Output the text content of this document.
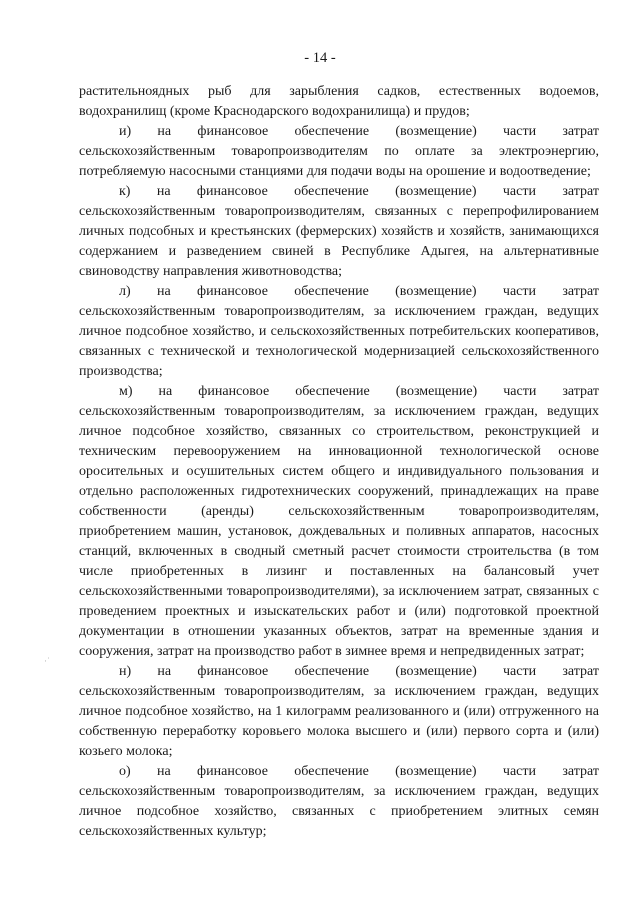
- 14 -
·˙

растительноядных рыб для зарыбления садков, естественных водоемов, водохранилищ (кроме Краснодарского водохранилища) и прудов;

и) на финансовое обеспечение (возмещение) части затрат сельскохозяйственным товаропроизводителям по оплате за электроэнергию, потребляемую насосными станциями для подачи воды на орошение и водоотведение;

к) на финансовое обеспечение (возмещение) части затрат сельскохозяйственным товаропроизводителям, связанных с перепрофилированием личных подсобных и крестьянских (фермерских) хозяйств и хозяйств, занимающихся содержанием и разведением свиней в Республике Адыгея, на альтернативные свиноводству направления животноводства;

л) на финансовое обеспечение (возмещение) части затрат сельскохозяйственным товаропроизводителям, за исключением граждан, ведущих личное подсобное хозяйство, и сельскохозяйственных потребительских кооперативов, связанных с технической и технологической модернизацией сельскохозяйственного производства;

м) на финансовое обеспечение (возмещение) части затрат сельскохозяйственным товаропроизводителям, за исключением граждан, ведущих личное подсобное хозяйство, связанных со строительством, реконструкцией и техническим перевооружением на инновационной технологической основе оросительных и осушительных систем общего и индивидуального пользования и отдельно расположенных гидротехнических сооружений, принадлежащих на праве собственности (аренды) сельскохозяйственным товаропроизводителям, приобретением машин, установок, дождевальных и поливных аппаратов, насосных станций, включенных в сводный сметный расчет стоимости строительства (в том числе приобретенных в лизинг и поставленных на балансовый учет сельскохозяйственными товаропроизводителями), за исключением затрат, связанных с проведением проектных и изыскательских работ и (или) подготовкой проектной документации в отношении указанных объектов, затрат на временные здания и сооружения, затрат на производство работ в зимнее время и непредвиденных затрат;

н) на финансовое обеспечение (возмещение) части затрат сельскохозяйственным товаропроизводителям, за исключением граждан, ведущих личное подсобное хозяйство, на 1 килограмм реализованного и (или) отгруженного на собственную переработку коровьего молока высшего и (или) первого сорта и (или) козьего молока;

о) на финансовое обеспечение (возмещение) части затрат сельскохозяйственным товаропроизводителям, за исключением граждан, ведущих личное подсобное хозяйство, связанных с приобретением элитных семян сельскохозяйственных культур;
